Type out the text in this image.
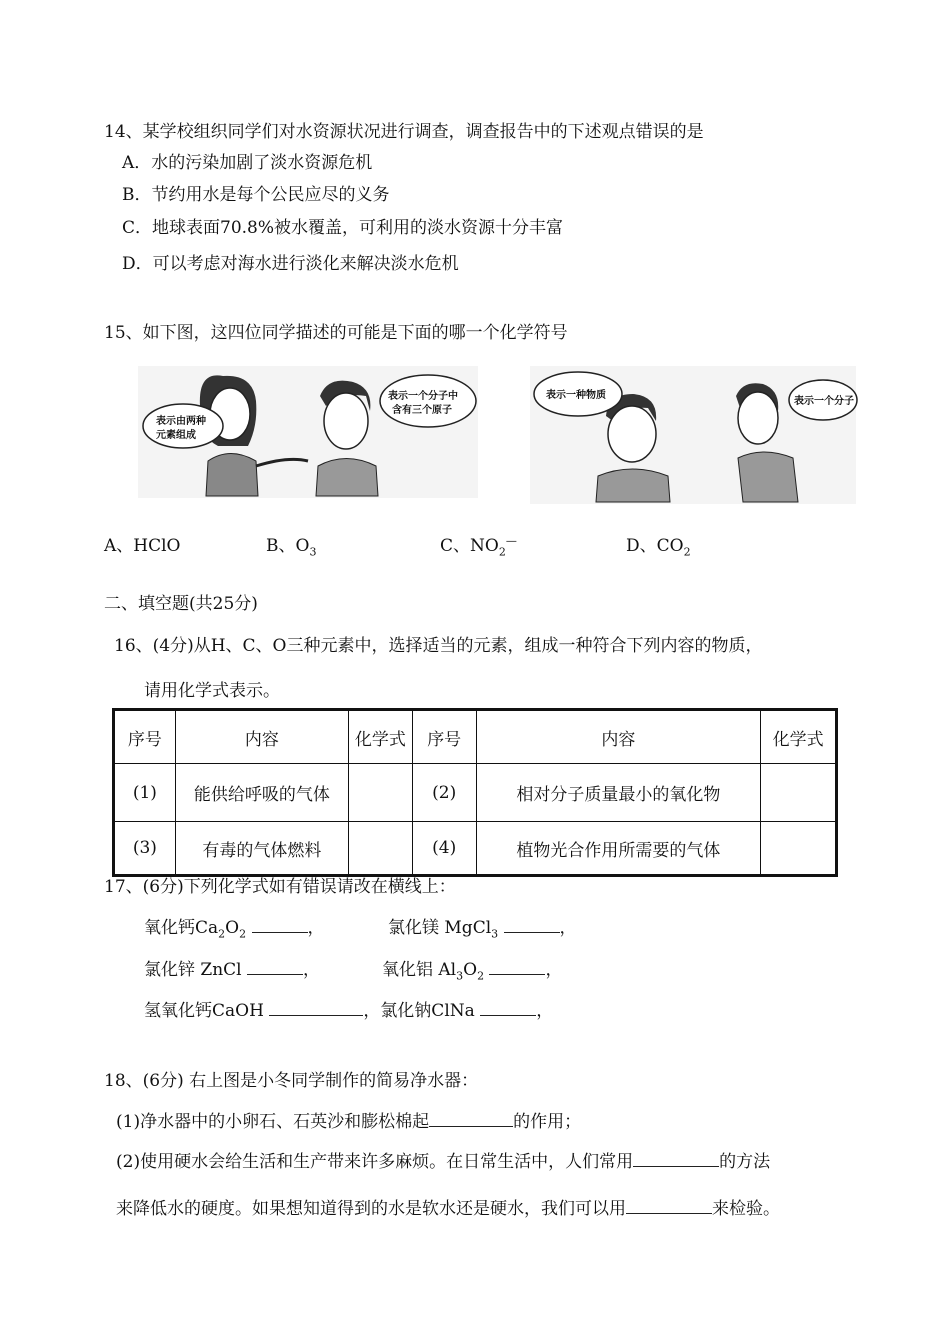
14、某学校组织同学们对水资源状况进行调查，调查报告中的下述观点错误的是
A．水的污染加剧了淡水资源危机
B．节约用水是每个公民应尽的义务
C．地球表面70.8%被水覆盖，可利用的淡水资源十分丰富
D．可以考虑对海水进行淡化来解决淡水危机
15、如下图，这四位同学描述的可能是下面的哪一个化学符号
表示由两种
元素组成
表示一个分子中
含有三个原子
表示一种物质
表示一个分子
A、HClO	B、$O_3$	C、$NO_2^—$	D、$CO_2$
二、填空题(共25分)
16、(4分)从H、C、O三种元素中，选择适当的元素，组成一种符合下列内容的物质，
请用化学式表示。
序号	内容	化学式	序号	内容	化学式
(1)	能供给呼吸的气体		(2)	相对分子质量最小的氧化物	
(3)	有毒的气体燃料		(4)	植物光合作用所需要的气体	
17、(6分)下列化学式如有错误请改在横线上：
氧化钙$Ca_2O_2$	，	氯化镁 MgCl$_3$	，
氯化锌 ZnCl	，	氧化铝 $Al_3O_2$	，
氢氧化钙CaOH	，氯化钠ClNa	，
18、(6分) 右上图是小冬同学制作的简易净水器：
(1)净水器中的小卵石、石英沙和膨松棉起	的作用；
(2)使用硬水会给生活和生产带来许多麻烦。在日常生活中，人们常用	的方法
来降低水的硬度。如果想知道得到的水是软水还是硬水，我们可以用	来检验。
